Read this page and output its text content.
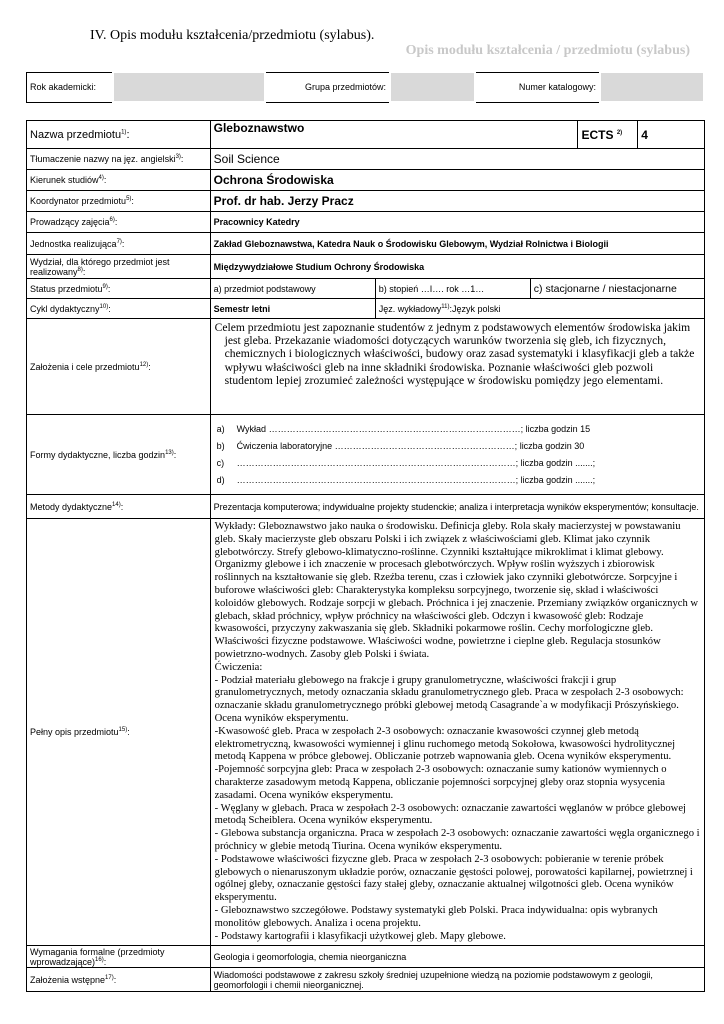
IV. Opis modułu kształcenia/przedmiotu (sylabus).
Opis modułu kształcenia / przedmiotu (sylabus)
Rok akademicki:		Grupa przedmiotów:		Numer katalogowy:	
Nazwa przedmiotu$^{1)}$:	Gleboznawstwo	ECTS $^{2)}$	4
Tłumaczenie nazwy na jęz. angielski$^{3)}$:	Soil Science
Kierunek studiów$^{4)}$:	Ochrona Środowiska
Koordynator przedmiotu$^{5)}$:	Prof. dr hab. Jerzy Pracz
Prowadzący zajęcia$^{6)}$:	Pracownicy Katedry
Jednostka realizująca$^{7)}$:	Zakład Gleboznawstwa, Katedra Nauk o Środowisku Glebowym, Wydział Rolnictwa i Biologii
Wydział, dla którego przedmiot jest realizowany$^{8)}$:	Międzywydziałowe Studium Ochrony Środowiska
Status przedmiotu$^{9)}$:	a) przedmiot podstawowy	b) stopień …I…. rok …1…	c) stacjonarne / niestacjonarne
Cykl dydaktyczny$^{10)}$:	Semestr letni	Jęz. wykładowy$^{11)}$:Język polski
Założenia i cele przedmiotu$^{12)}$:	Celem przedmiotu jest zapoznanie studentów z jednym z podstawowych elementów środowiska jakim jest gleba. Przekazanie wiadomości dotyczących warunków tworzenia się gleb, ich fizycznych, chemicznych i biologicznych właściwości, budowy oraz zasad systematyki i klasyfikacji gleb a także wpływu właściwości gleb na inne składniki środowiska. Poznanie właściwości gleb pozwoli studentom lepiej zrozumieć zależności występujące w środowisku pomiędzy jego elementami.
Formy dydaktyczne, liczba godzin$^{13)}$:	
a)	Wykład …………………………………………………………………………; liczba godzin 15
b)	Ćwiczenia laboratoryjne ……………………………………………………; liczba godzin 30
c)	…………………………………………………………………………………; liczba godzin .......;
d)	…………………………………………………………………………………; liczba godzin .......;

Metody dydaktyczne$^{14)}$:	Prezentacja komputerowa; indywidualne projekty studenckie; analiza i interpretacja wyników eksperymentów; konsultacje.
Pełny opis przedmiotu$^{15)}$:	
Wykłady: Gleboznawstwo jako nauka o środowisku. Definicja gleby. Rola skały macierzystej w powstawaniu gleb. Skały macierzyste gleb obszaru Polski i ich związek z właściwościami gleb. Klimat jako czynnik glebotwórczy. Strefy glebowo-klimatyczno-roślinne. Czynniki kształtujące mikroklimat i klimat glebowy. Organizmy glebowe i ich znaczenie w procesach glebotwórczych. Wpływ roślin wyższych i zbiorowisk roślinnych na kształtowanie się gleb. Rzeźba terenu, czas i człowiek jako czynniki glebotwórcze. Sorpcyjne i buforowe właściwości gleb: Charakterystyka kompleksu sorpcyjnego, tworzenie się, skład i właściwości koloidów glebowych. Rodzaje sorpcji w glebach. Próchnica i jej znaczenie. Przemiany związków organicznych w glebach, skład próchnicy, wpływ próchnicy na właściwości gleb. Odczyn i kwasowość gleb: Rodzaje kwasowości, przyczyny zakwaszania się gleb. Składniki pokarmowe roślin. Cechy morfologiczne gleb. Właściwości fizyczne podstawowe. Właściwości wodne, powietrzne i cieplne gleb. Regulacja stosunków powietrzno-wodnych. Zasoby gleb Polski i świata.
Ćwiczenia:
- Podział materiału glebowego na frakcje i grupy granulometryczne, właściwości frakcji i grup granulometrycznych, metody oznaczania składu granulometrycznego gleb. Praca w zespołach 2-3 osobowych: oznaczanie składu granulometrycznego próbki glebowej metodą Casagrande`a w modyfikacji Prószyńskiego. Ocena wyników eksperymentu.
-Kwasowość gleb. Praca w zespołach 2-3 osobowych: oznaczanie kwasowości czynnej gleb metodą elektrometryczną, kwasowości wymiennej i glinu ruchomego metodą Sokołowa, kwasowości hydrolitycznej metodą Kappena w próbce glebowej. Obliczanie potrzeb wapnowania gleb. Ocena wyników eksperymentu.
-Pojemność sorpcyjna gleb: Praca w zespołach 2-3 osobowych: oznaczanie sumy kationów wymiennych o charakterze zasadowym metodą Kappena, obliczanie pojemności sorpcyjnej gleby oraz stopnia wysycenia zasadami. Ocena wyników eksperymentu.
- Węglany w glebach. Praca w zespołach 2-3 osobowych: oznaczanie zawartości węglanów w próbce glebowej metodą Scheiblera. Ocena wyników eksperymentu.
- Glebowa substancja organiczna. Praca w zespołach 2-3 osobowych: oznaczanie zawartości węgla organicznego i próchnicy w glebie metodą Tiurina. Ocena wyników eksperymentu.
- Podstawowe właściwości fizyczne gleb. Praca w zespołach 2-3 osobowych: pobieranie w terenie próbek glebowych o nienaruszonym układzie porów, oznaczanie gęstości polowej, porowatości kapilarnej, powietrznej i ogólnej gleby, oznaczanie gęstości fazy stałej gleby, oznaczanie aktualnej wilgotności gleb. Ocena wyników eksperymentu.
- Gleboznawstwo szczegółowe. Podstawy systematyki gleb Polski. Praca indywidualna: opis wybranych monolitów glebowych. Analiza i ocena projektu.
- Podstawy kartografii i klasyfikacji użytkowej gleb. Mapy glebowe.

Wymagania formalne (przedmioty wprowadzające)$^{16)}$:	Geologia i geomorfologia, chemia nieorganiczna
Założenia wstępne$^{17)}$:	Wiadomości podstawowe z zakresu szkoły średniej uzupełnione wiedzą na poziomie podstawowym z geologii, geomorfologii i chemii nieorganicznej.
